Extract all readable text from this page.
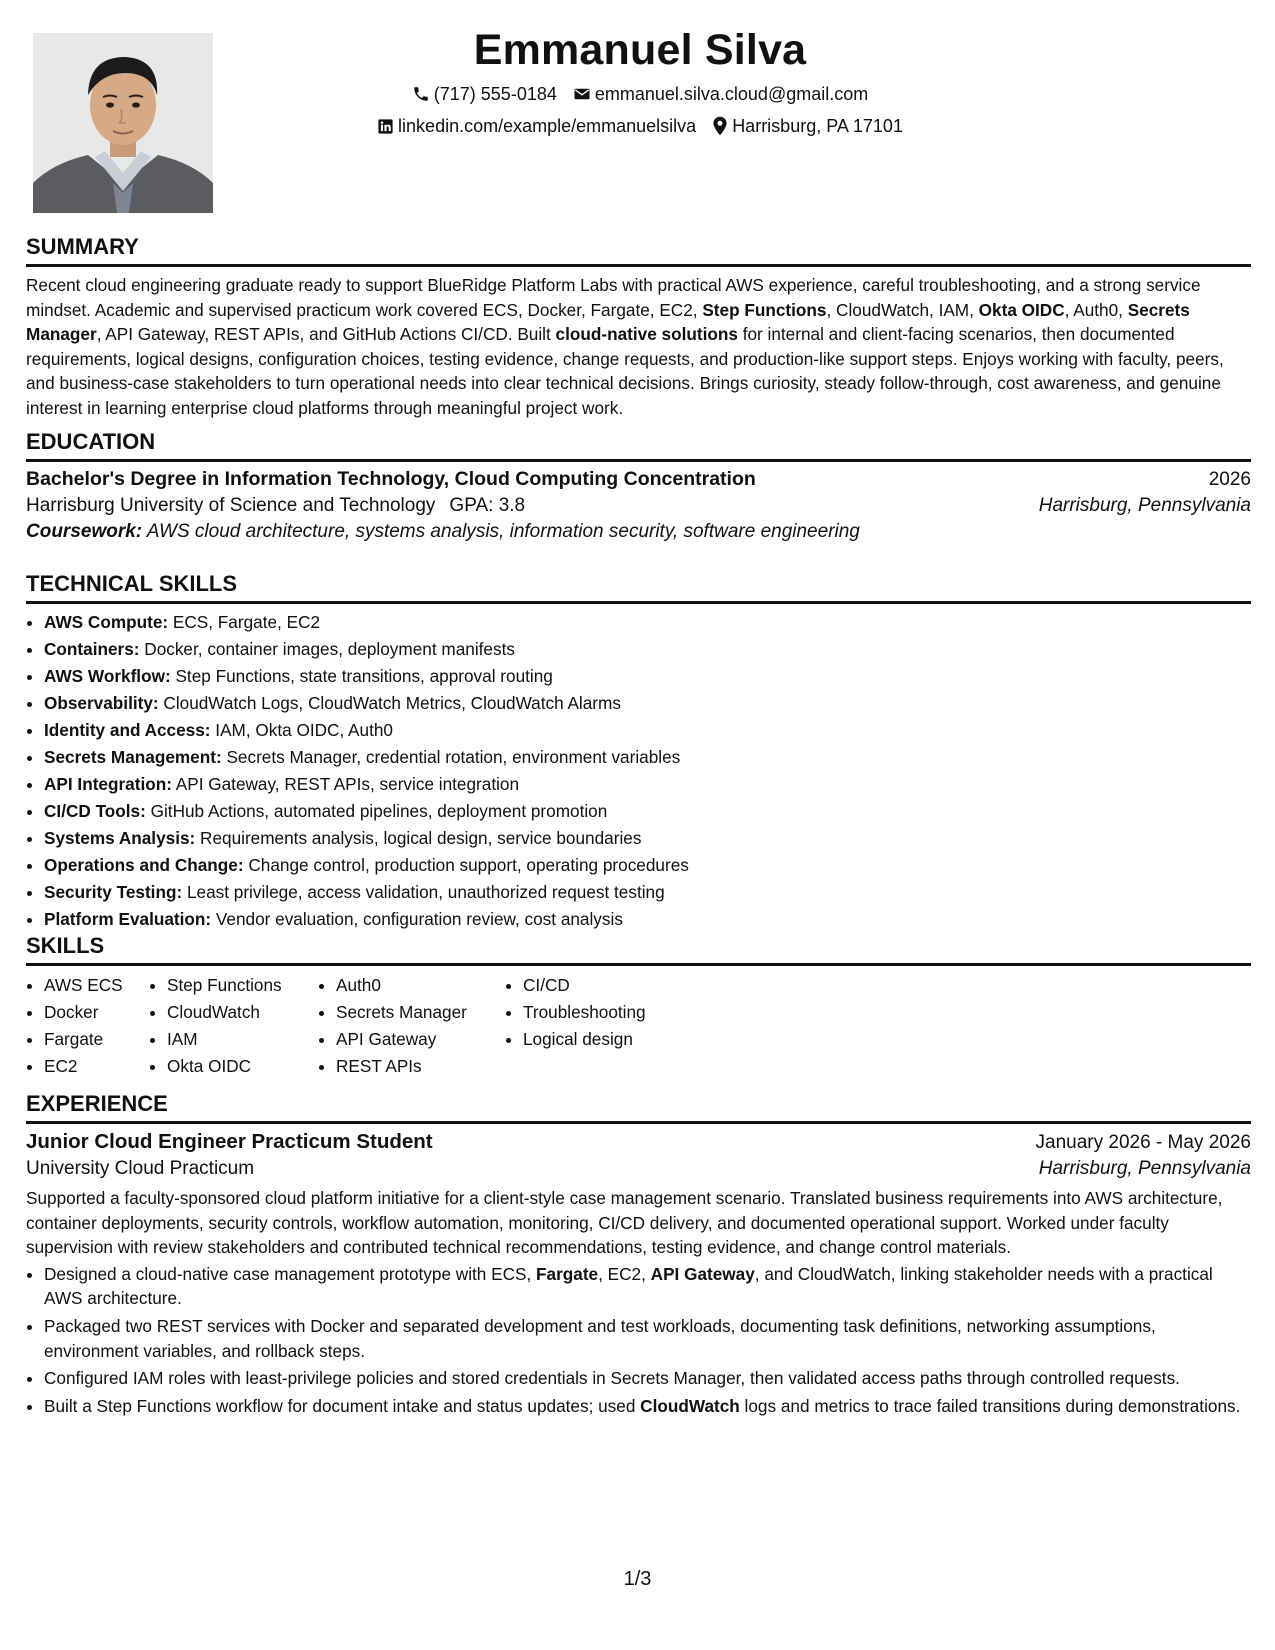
Emmanuel Silva
(717) 555-0184 emmanuel.silva.cloud@gmail.com
linkedin.com/example/emmanuelsilva Harrisburg, PA 17101
SUMMARY

Recent cloud engineering graduate ready to support BlueRidge Platform Labs with practical AWS experience, careful troubleshooting, and a strong service mindset. Academic and supervised practicum work covered ECS, Docker, Fargate, EC2, Step Functions, CloudWatch, IAM, Okta OIDC, Auth0, Secrets Manager, API Gateway, REST APIs, and GitHub Actions CI/CD. Built cloud-native solutions for internal and client-facing scenarios, then documented requirements, logical designs, configuration choices, testing evidence, change requests, and production-like support steps. Enjoys working with faculty, peers, and business-case stakeholders to turn operational needs into clear technical decisions. Brings curiosity, steady follow-through, cost awareness, and genuine interest in learning enterprise cloud platforms through meaningful project work.

EDUCATION
Bachelor's Degree in Information Technology, Cloud Computing Concentration	2026
Harrisburg University of Science and Technology GPA: 3.8	Harrisburg, Pennsylvania
Coursework: AWS cloud architecture, systems analysis, information security, software engineering
TECHNICAL SKILLS
• AWS Compute: ECS, Fargate, EC2
• Containers: Docker, container images, deployment manifests
• AWS Workflow: Step Functions, state transitions, approval routing
• Observability: CloudWatch Logs, CloudWatch Metrics, CloudWatch Alarms
• Identity and Access: IAM, Okta OIDC, Auth0
• Secrets Management: Secrets Manager, credential rotation, environment variables
• API Integration: API Gateway, REST APIs, service integration
• CI/CD Tools: GitHub Actions, automated pipelines, deployment promotion
• Systems Analysis: Requirements analysis, logical design, service boundaries
• Operations and Change: Change control, production support, operating procedures
• Security Testing: Least privilege, access validation, unauthorized request testing
• Platform Evaluation: Vendor evaluation, configuration review, cost analysis
SKILLS
• AWS ECS
• Docker
• Fargate
• EC2
• Step Functions
• CloudWatch
• IAM
• Okta OIDC
• Auth0
• Secrets Manager
• API Gateway
• REST APIs
• CI/CD
• Troubleshooting
• Logical design
EXPERIENCE
Junior Cloud Engineer Practicum Student	January 2026 - May 2026
University Cloud Practicum	Harrisburg, Pennsylvania

Supported a faculty-sponsored cloud platform initiative for a client-style case management scenario. Translated business requirements into AWS architecture, container deployments, security controls, workflow automation, monitoring, CI/CD delivery, and documented operational support. Worked under faculty supervision with review stakeholders and contributed technical recommendations, testing evidence, and change control materials.

• Designed a cloud-native case management prototype with ECS, Fargate, EC2, API Gateway, and CloudWatch, linking stakeholder needs with a practical AWS architecture.
• Packaged two REST services with Docker and separated development and test workloads, documenting task definitions, networking assumptions, environment variables, and rollback steps.
• Configured IAM roles with least-privilege policies and stored credentials in Secrets Manager, then validated access paths through controlled requests.
• Built a Step Functions workflow for document intake and status updates; used CloudWatch logs and metrics to trace failed transitions during demonstrations.
1/3
